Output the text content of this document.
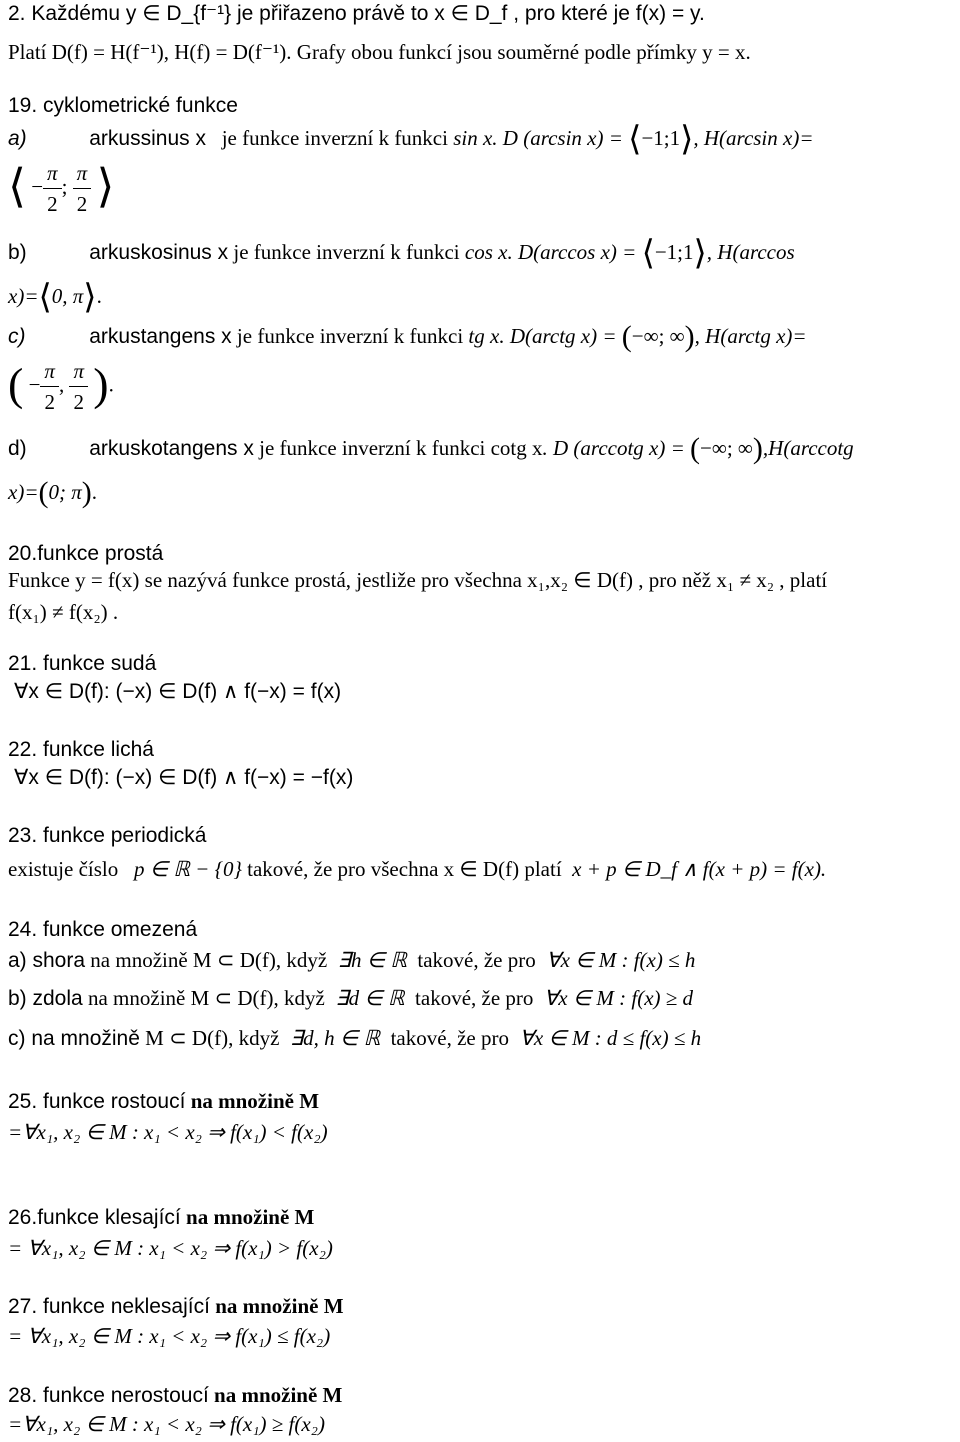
2. Každému y ∈ D_{f⁻¹} je přiřazeno právě to x ∈ D_f , pro které je f(x) = y.
Platí D(f) = H(f⁻¹), H(f) = D(f⁻¹). Grafy obou funkcí jsou souměrné podle přímky y = x.
19. cyklometrické funkce
a)	arkussinus x je funkce inverzní k funkci sin x. D (arcsin x) = ⟨−1;1⟩, H(arcsin x)=
⟨ − $\frac{\pi}{2}$ ; $\frac{\pi}{2}$ ⟩
b)	arkuskosinus x je funkce inverzní k funkci cos x. D(arccos x) = ⟨−1;1⟩, H(arccos
x)=⟨0, π⟩.
c)	arkustangens x je funkce inverzní k funkci tg x. D(arctg x) = (−∞; ∞), H(arctg x)=
( − $\frac{\pi}{2}$ , $\frac{\pi}{2}$ ).
d)	arkuskotangens x je funkce inverzní k funkci cotg x. D (arccotg x) = (−∞; ∞),H(arccotg
x)=(0; π).
20.funkce prostá
Funkce y = f(x) se nazývá funkce prostá, jestliže pro všechna x₁,x₂ ∈ D(f) , pro něž x₁ ≠ x₂ , platí
f(x₁) ≠ f(x₂) .
21. funkce sudá
∀x ∈ D(f): (−x) ∈ D(f) ∧ f(−x) = f(x)
22. funkce lichá
∀x ∈ D(f): (−x) ∈ D(f) ∧ f(−x) = −f(x)
23. funkce periodická
existuje číslo p ∈ ℝ − {0} takové, že pro všechna x ∈ D(f) platí x + p ∈ D_f ∧ f(x + p) = f(x).
24. funkce omezená
a) shora na množině M ⊂ D(f), když ∃h ∈ ℝ takové, že pro ∀x ∈ M : f(x) ≤ h
b) zdola na množině M ⊂ D(f), když ∃d ∈ ℝ takové, že pro ∀x ∈ M : f(x) ≥ d
c) na množině M ⊂ D(f), když ∃d, h ∈ ℝ takové, že pro ∀x ∈ M : d ≤ f(x) ≤ h
25. funkce rostoucí na množině M
=∀x₁, x₂ ∈ M : x₁ < x₂ ⇒ f(x₁) < f(x₂)
26.funkce klesající na množině M
= ∀x₁, x₂ ∈ M : x₁ < x₂ ⇒ f(x₁) > f(x₂)
27. funkce neklesající na množině M
= ∀x₁, x₂ ∈ M : x₁ < x₂ ⇒ f(x₁) ≤ f(x₂)
28. funkce nerostoucí na množině M
=∀x₁, x₂ ∈ M : x₁ < x₂ ⇒ f(x₁) ≥ f(x₂)
